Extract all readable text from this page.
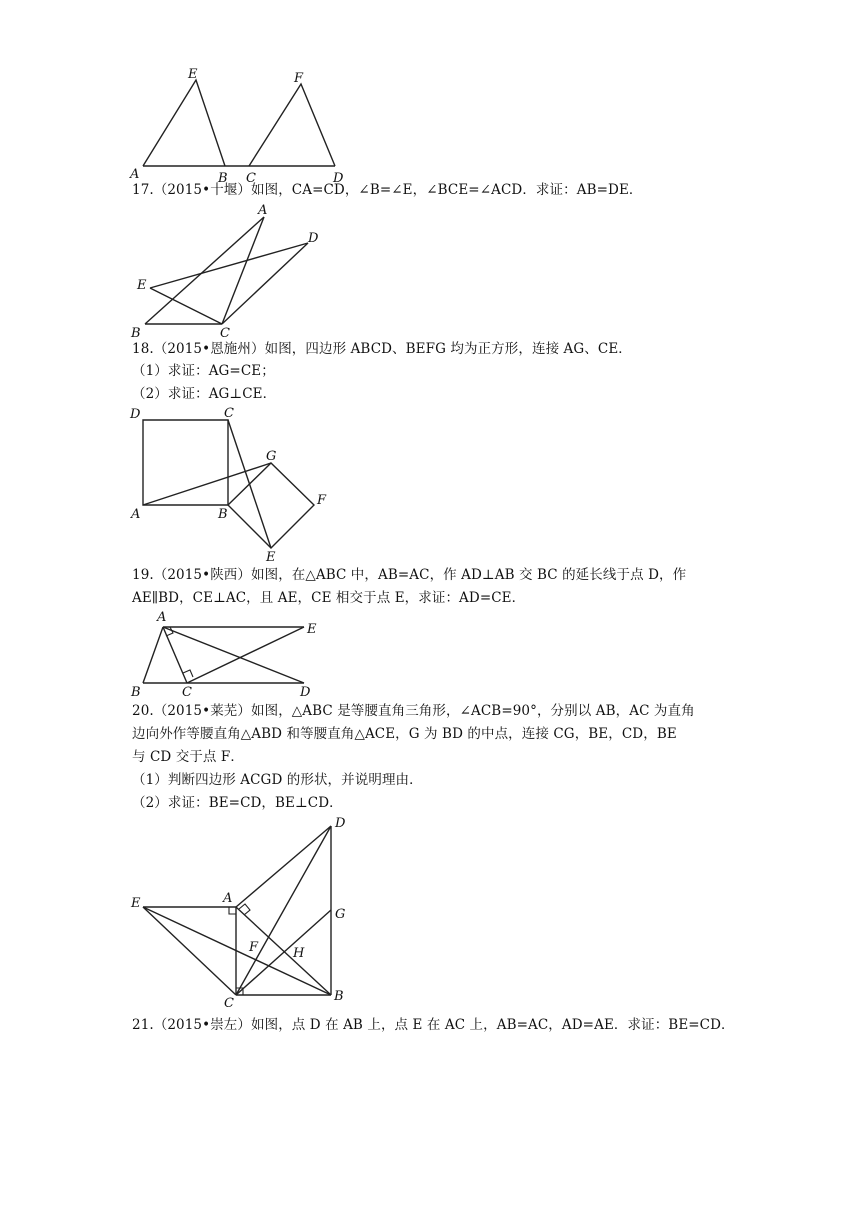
E	F
A	B C	D
17.（2015•十堰）如图，CA=CD，∠B=∠E，∠BCE=∠ACD．求证：AB=DE．
A
D
E
B	C
18.（2015•恩施州）如图，四边形 ABCD、BEFG 均为正方形，连接 AG、CE．
（1）求证：AG=CE；
（2）求证：AG⊥CE．
D	C
G
F
A	B
E
19.（2015•陕西）如图，在△ABC 中，AB=AC，作 AD⊥AB 交 BC 的延长线于点 D，作
AE∥BD，CE⊥AC，且 AE，CE 相交于点 E，求证：AD=CE．
A
E
B	C	D
20.（2015•莱芜）如图，△ABC 是等腰直角三角形，∠ACB=90°，分别以 AB，AC 为直角
边向外作等腰直角△ABD 和等腰直角△ACE，G 为 BD 的中点，连接 CG，BE，CD，BE
与 CD 交于点 F．
（1）判断四边形 ACGD 的形状，并说明理由．
（2）求证：BE=CD，BE⊥CD．
D
E	A
G
F	H
C	B
21.（2015•崇左）如图，点 D 在 AB 上，点 E 在 AC 上，AB=AC，AD=AE．求证：BE=CD．
